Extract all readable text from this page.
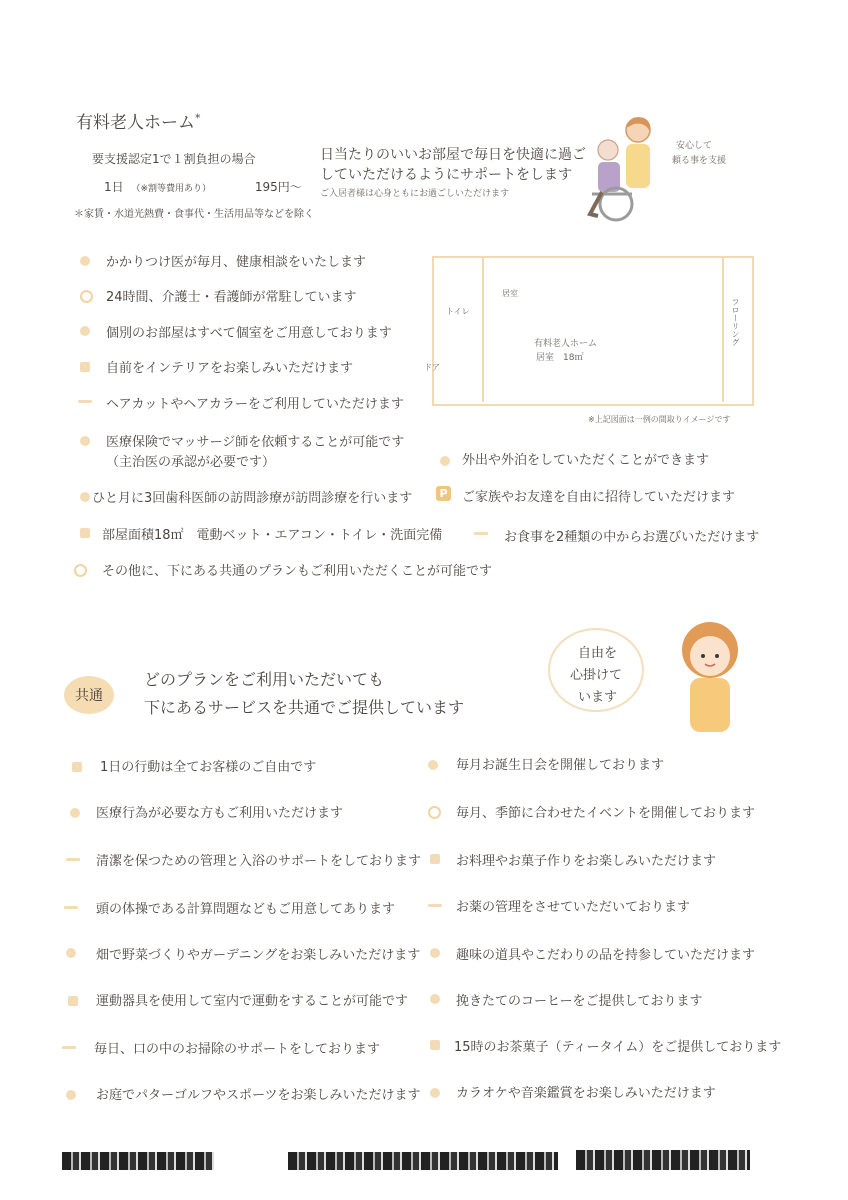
有料老人ホーム*
要支援認定1で１割負担の場合
1日 （※割等費用あり）	195円～
＊家賃・水道光熱費・食事代・生活用品等などを除く
日当たりのいいお部屋で毎日を快適に過ご
していただけるようにサポートをします
ご入居者様は心身ともにお過ごしいただけます
安心して
頼る事を支援
居室
トイレ
有料老人ホーム
居室　18㎡
フローリング
ドア
※上記図面は一例の間取りイメージです
かかりつけ医が毎月、健康相談をいたします
24時間、介護士・看護師が常駐しています
個別のお部屋はすべて個室をご用意しております
自前をインテリアをお楽しみいただけます
ヘアカットやヘアカラーをご利用していただけます
医療保険でマッサージ師を依頼することが可能です
（主治医の承認が必要です）
ひと月に3回歯科医師の訪問診療が訪問診療を行います
部屋面積18㎡　電動ベット・エアコン・トイレ・洗面完備
その他に、下にある共通のプランもご利用いただくことが可能です
外出や外泊をしていただくことができます
P ご家族やお友達を自由に招待していただけます
お食事を2種類の中からお選びいただけます
共通
どのプランをご利用いただいても
下にあるサービスを共通でご提供しています
自由を
心掛けて
います
1日の行動は全てお客様のご自由です
医療行為が必要な方もご利用いただけます
清潔を保つための管理と入浴のサポートをしております
頭の体操である計算問題などもご用意してあります
畑で野菜づくりやガーデニングをお楽しみいただけます
運動器具を使用して室内で運動をすることが可能です
毎日、口の中のお掃除のサポートをしております
お庭でパターゴルフやスポーツをお楽しみいただけます
毎月お誕生日会を開催しております
毎月、季節に合わせたイベントを開催しております
お料理やお菓子作りをお楽しみいただけます
お薬の管理をさせていただいております
趣味の道具やこだわりの品を持参していただけます
挽きたてのコーヒーをご提供しております
15時のお茶菓子（ティータイム）をご提供しております
カラオケや音楽鑑賞をお楽しみいただけます
